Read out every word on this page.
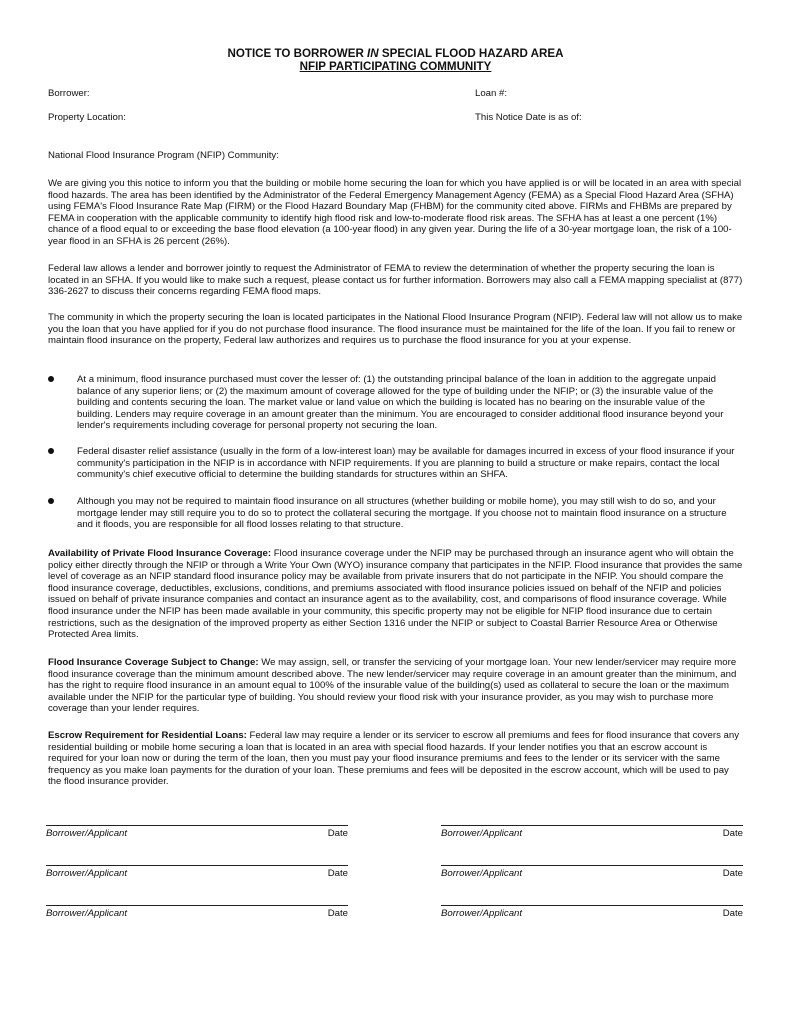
NOTICE TO BORROWER IN SPECIAL FLOOD HAZARD AREA
NFIP PARTICIPATING COMMUNITY
Borrower:	Loan #:
Property Location:	This Notice Date is as of:
National Flood Insurance Program (NFIP) Community:

We are giving you this notice to inform you that the building or mobile home securing the loan for which you have applied is or will be located in an area with special flood hazards. The area has been identified by the Administrator of the Federal Emergency Management Agency (FEMA) as a Special Flood Hazard Area (SFHA) using FEMA's Flood Insurance Rate Map (FIRM) or the Flood Hazard Boundary Map (FHBM) for the community cited above. FIRMs and FHBMs are prepared by FEMA in cooperation with the applicable community to identify high flood risk and low-to-moderate flood risk areas. The SFHA has at least a one percent (1%) chance of a flood equal to or exceeding the base flood elevation (a 100-year flood) in any given year. During the life of a 30-year mortgage loan, the risk of a 100-year flood in an SFHA is 26 percent (26%).

Federal law allows a lender and borrower jointly to request the Administrator of FEMA to review the determination of whether the property securing the loan is located in an SFHA. If you would like to make such a request, please contact us for further information. Borrowers may also call a FEMA mapping specialist at (877) 336-2627 to discuss their concerns regarding FEMA flood maps.

The community in which the property securing the loan is located participates in the National Flood Insurance Program (NFIP). Federal law will not allow us to make you the loan that you have applied for if you do not purchase flood insurance. The flood insurance must be maintained for the life of the loan. If you fail to renew or maintain flood insurance on the property, Federal law authorizes and requires us to purchase the flood insurance for you at your expense.

At a minimum, flood insurance purchased must cover the lesser of: (1) the outstanding principal balance of the loan in addition to the aggregate unpaid balance of any superior liens; or (2) the maximum amount of coverage allowed for the type of building under the NFIP; or (3) the insurable value of the building and contents securing the loan. The market value or land value on which the building is located has no bearing on the insurable value of the building. Lenders may require coverage in an amount greater than the minimum. You are encouraged to consider additional flood insurance beyond your lender's requirements including coverage for personal property not securing the loan.
Federal disaster relief assistance (usually in the form of a low-interest loan) may be available for damages incurred in excess of your flood insurance if your community's participation in the NFIP is in accordance with NFIP requirements. If you are planning to build a structure or make repairs, contact the local community's chief executive official to determine the building standards for structures within an SHFA.
Although you may not be required to maintain flood insurance on all structures (whether building or mobile home), you may still wish to do so, and your mortgage lender may still require you to do so to protect the collateral securing the mortgage. If you choose not to maintain flood insurance on a structure and it floods, you are responsible for all flood losses relating to that structure.

Availability of Private Flood Insurance Coverage: Flood insurance coverage under the NFIP may be purchased through an insurance agent who will obtain the policy either directly through the NFIP or through a Write Your Own (WYO) insurance company that participates in the NFIP. Flood insurance that provides the same level of coverage as an NFIP standard flood insurance policy may be available from private insurers that do not participate in the NFIP. You should compare the flood insurance coverage, deductibles, exclusions, conditions, and premiums associated with flood insurance policies issued on behalf of the NFIP and policies issued on behalf of private insurance companies and contact an insurance agent as to the availability, cost, and comparisons of flood insurance coverage. While flood insurance under the NFIP has been made available in your community, this specific property may not be eligible for NFIP flood insurance due to certain restrictions, such as the designation of the improved property as either Section 1316 under the NFIP or subject to Coastal Barrier Resource Area or Otherwise Protected Area limits.

Flood Insurance Coverage Subject to Change: We may assign, sell, or transfer the servicing of your mortgage loan. Your new lender/servicer may require more flood insurance coverage than the minimum amount described above. The new lender/servicer may require coverage in an amount greater than the minimum, and has the right to require flood insurance in an amount equal to 100% of the insurable value of the building(s) used as collateral to secure the loan or the maximum available under the NFIP for the particular type of building. You should review your flood risk with your insurance provider, as you may wish to purchase more coverage than your lender requires.

Escrow Requirement for Residential Loans: Federal law may require a lender or its servicer to escrow all premiums and fees for flood insurance that covers any residential building or mobile home securing a loan that is located in an area with special flood hazards. If your lender notifies you that an escrow account is required for your loan now or during the term of the loan, then you must pay your flood insurance premiums and fees to the lender or its servicer with the same frequency as you make loan payments for the duration of your loan. These premiums and fees will be deposited in the escrow account, which will be used to pay the flood insurance provider.

Borrower/Applicant	Date	Borrower/Applicant	Date
Borrower/Applicant	Date	Borrower/Applicant	Date
Borrower/Applicant	Date	Borrower/Applicant	Date
